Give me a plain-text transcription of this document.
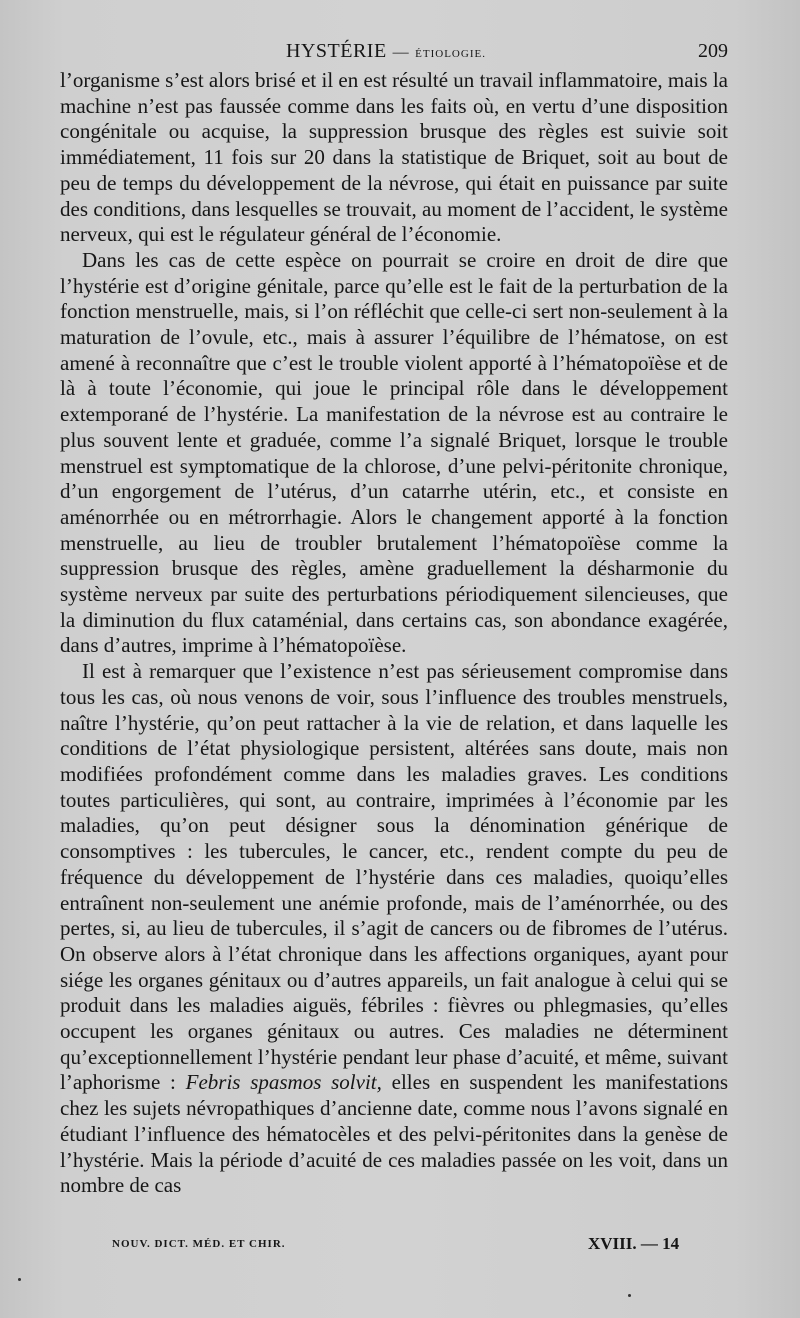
HYSTÉRIE — ÉTIOLOGIE.	209

l’organisme s’est alors brisé et il en est résulté un travail inflammatoire, mais la machine n’est pas faussée comme dans les faits où, en vertu d’une disposition congénitale ou acquise, la suppression brusque des règles est suivie soit immédiatement, 11 fois sur 20 dans la statistique de Briquet, soit au bout de peu de temps du développement de la névrose, qui était en puissance par suite des conditions, dans lesquelles se trouvait, au moment de l’accident, le système nerveux, qui est le régulateur général de l’économie.

Dans les cas de cette espèce on pourrait se croire en droit de dire que l’hystérie est d’origine génitale, parce qu’elle est le fait de la perturbation de la fonction menstruelle, mais, si l’on réfléchit que celle-ci sert non-seulement à la maturation de l’ovule, etc., mais à assurer l’équilibre de l’hématose, on est amené à reconnaître que c’est le trouble violent apporté à l’hématopoïèse et de là à toute l’économie, qui joue le principal rôle dans le développement extemporané de l’hystérie. La manifestation de la névrose est au contraire le plus souvent lente et graduée, comme l’a signalé Briquet, lorsque le trouble menstruel est symptomatique de la chlorose, d’une pelvi-péritonite chronique, d’un engorgement de l’utérus, d’un catarrhe utérin, etc., et consiste en aménorrhée ou en métrorrhagie. Alors le changement apporté à la fonction menstruelle, au lieu de troubler brutalement l’hématopoïèse comme la suppression brusque des règles, amène graduellement la désharmonie du système nerveux par suite des perturbations périodiquement silencieuses, que la diminution du flux cataménial, dans certains cas, son abondance exagérée, dans d’autres, imprime à l’hématopoïèse.

Il est à remarquer que l’existence n’est pas sérieusement compromise dans tous les cas, où nous venons de voir, sous l’influence des troubles menstruels, naître l’hystérie, qu’on peut rattacher à la vie de relation, et dans laquelle les conditions de l’état physiologique persistent, altérées sans doute, mais non modifiées profondément comme dans les maladies graves. Les conditions toutes particulières, qui sont, au contraire, imprimées à l’économie par les maladies, qu’on peut désigner sous la dénomination générique de consomptives : les tubercules, le cancer, etc., rendent compte du peu de fréquence du développement de l’hystérie dans ces maladies, quoiqu’elles entraînent non-seulement une anémie profonde, mais de l’aménorrhée, ou des pertes, si, au lieu de tubercules, il s’agit de cancers ou de fibromes de l’utérus. On observe alors à l’état chronique dans les affections organiques, ayant pour siége les organes génitaux ou d’autres appareils, un fait analogue à celui qui se produit dans les maladies aiguës, fébriles : fièvres ou phlegmasies, qu’elles occupent les organes génitaux ou autres. Ces maladies ne déterminent qu’exceptionnellement l’hystérie pendant leur phase d’acuité, et même, suivant l’aphorisme : Febris spasmos solvit, elles en suspendent les manifestations chez les sujets névropathiques d’ancienne date, comme nous l’avons signalé en étudiant l’influence des hématocèles et des pelvi-péritonites dans la genèse de l’hystérie. Mais la période d’acuité de ces maladies passée on les voit, dans un nombre de cas

NOUV. DICT. MÉD. ET CHIR.	XVIII. — 14
